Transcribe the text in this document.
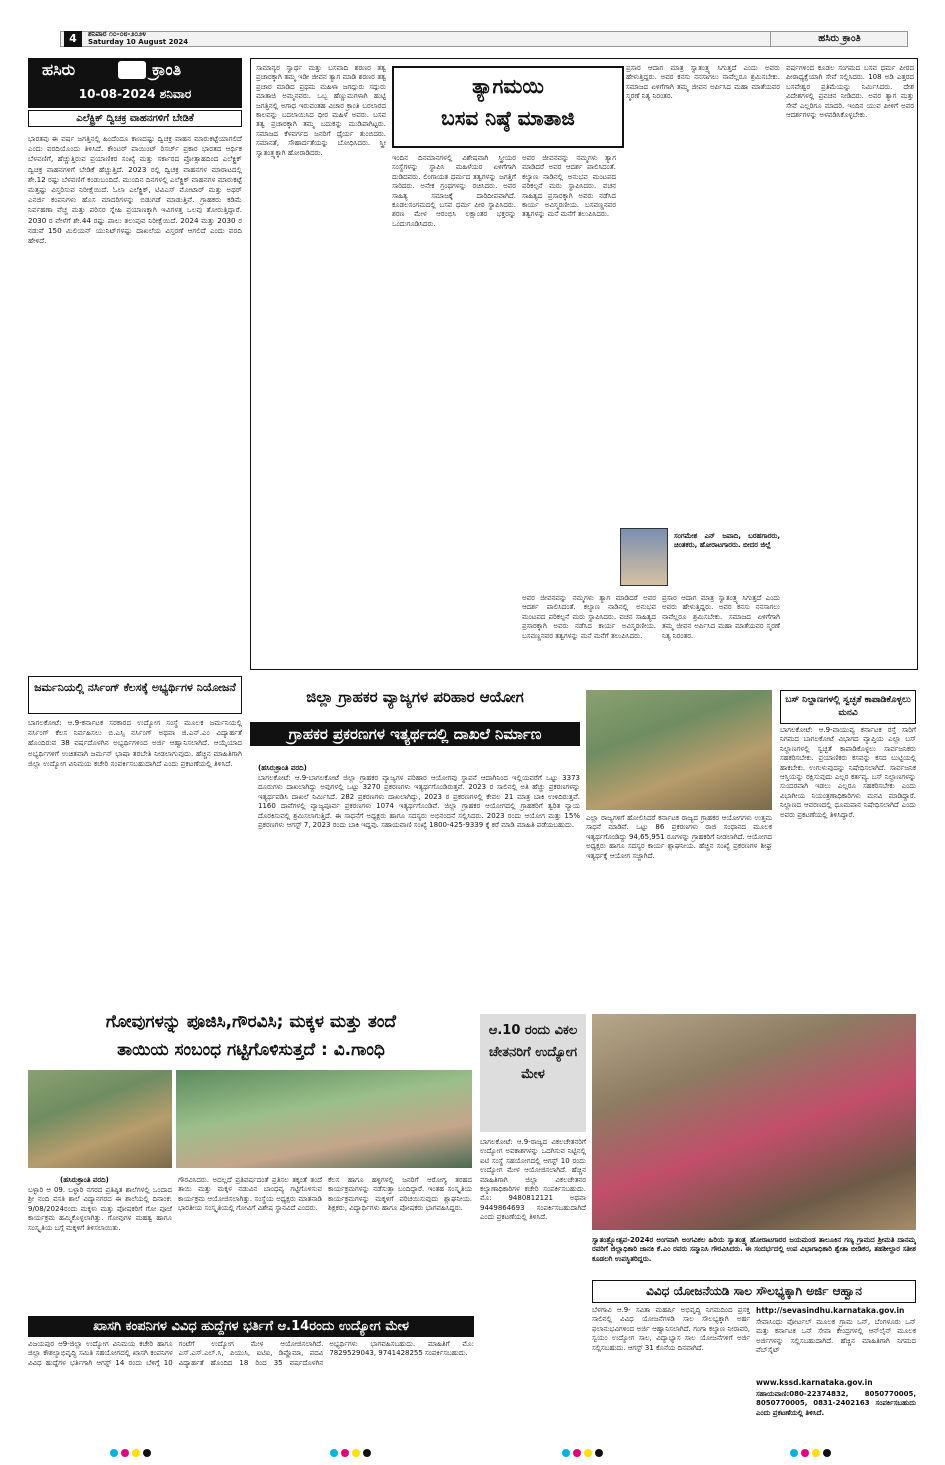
4	ಶನಿವಾರ ೧೦-೦೮-೨೦೨೪
Saturday 10 August 2024	ಹಸಿರು ಕ್ರಾಂತಿ
ಹಸಿರು	ಕ್ರಾಂತಿ
10-08-2024 ಶನಿವಾರ
ಎಲೆಕ್ಟ್ರಿಕ್ ದ್ವಿಚಕ್ರ ವಾಹನಗಳಿಗೆ ಬೇಡಿಕೆ
ಭಾರತವು ಈ ವರ್ಷ ಜಗತ್ತಿನಲ್ಲಿ ಹಿಂದೆಂದೂ ಕಾಣದಷ್ಟು ದ್ವಿಚಕ್ರ ವಾಹನ ಮಾರುಕಟ್ಟೆಯಾಗಲಿದೆ ಎಂದು ವರದಿಯೊಂದು ತಿಳಿಸಿದೆ. ಕೌಂಟರ್ ಪಾಯಿಂಟ್ ರಿಸರ್ಚ್ ಪ್ರಕಾರ ಭಾರತದ ಆರ್ಥಿಕ ಬೆಳವಣಿಗೆ, ಹೆಚ್ಚುತ್ತಿರುವ ಪ್ರಯಾಣಿಕರ ಸಂಖ್ಯೆ ಮತ್ತು ಸರ್ಕಾರದ ಪ್ರೋತ್ಸಾಹದಿಂದ ಎಲೆಕ್ಟ್ರಿಕ್ ದ್ವಿಚಕ್ರ ವಾಹನಗಳಿಗೆ ಬೇಡಿಕೆ ಹೆಚ್ಚುತ್ತಿದೆ. 2023 ರಲ್ಲಿ ದ್ವಿಚಕ್ರ ವಾಹನಗಳ ಮಾರಾಟದಲ್ಲಿ ಶೇ.12 ರಷ್ಟು ಬೆಳವಣಿಗೆ ಕಂಡುಬಂದಿದೆ. ಮುಂದಿನ ದಿನಗಳಲ್ಲಿ ಎಲೆಕ್ಟ್ರಿಕ್ ವಾಹನಗಳ ಮಾರುಕಟ್ಟೆ ಮತ್ತಷ್ಟು ವಿಸ್ತರಿಸುವ ನಿರೀಕ್ಷೆಯಿದೆ. ಓಲಾ ಎಲೆಕ್ಟ್ರಿಕ್, ಟಿವಿಎಸ್ ಮೋಟಾರ್ ಮತ್ತು ಅಥರ್ ಎನರ್ಜಿ ಕಂಪನಿಗಳು ಹೊಸ ಮಾದರಿಗಳನ್ನು ಬಿಡುಗಡೆ ಮಾಡುತ್ತಿವೆ. ಗ್ರಾಹಕರು ಕಡಿಮೆ ನಿರ್ವಹಣಾ ವೆಚ್ಚ ಮತ್ತು ಪರಿಸರ ಸ್ನೇಹಿ ಪ್ರಯಾಣಕ್ಕಾಗಿ ಇವಿಗಳತ್ತ ಒಲವು ತೋರುತ್ತಿದ್ದಾರೆ. 2030 ರ ವೇಳೆಗೆ ಶೇ.44 ರಷ್ಟು ಪಾಲು ತಲುಪುವ ನಿರೀಕ್ಷೆಯಿದೆ. 2024 ಮತ್ತು 2030 ರ ನಡುವೆ 150 ಮಿಲಿಯನ್ ಯುನಿಟ್‌ಗಳಷ್ಟು ದಾಖಲೆಯ ವಿಸ್ತರಣೆ ಆಗಲಿದೆ ಎಂದು ವರದಿ ಹೇಳಿದೆ.
ತ್ಯಾಗಮಯಿ
ಬಸವ ನಿಷ್ಠೆ ಮಾತಾಜಿ
ಸಾಮಾನ್ಯರ ಸ್ವಾರ್ಥ ಮತ್ತು ಬಸವಾದಿ ಶರಣರ ತತ್ವ ಪ್ರಚಾರಕ್ಕಾಗಿ ತಮ್ಮ ಇಡೀ ಜೀವನ ತ್ಯಾಗ ಮಾಡಿ ಶರಣರ ತತ್ವ ಪ್ರಚಾರ ಮಾಡಿದ ಪ್ರಥಮ ಮಹಿಳಾ ಜಗದ್ಗುರು ಸದ್ಗುರು ಮಾತಾಜಿ ಅಮ್ಮನವರು. ಒಬ್ಬ ಹೆಣ್ಣುಮಗಳಾಗಿ ಹುಟ್ಟಿ ಜಗತ್ತಿನಲ್ಲಿ ಅಗಾಧ ಇರುವಂತಹ ವಿಚಾರ ಕ್ರಾಂತಿ ಬರಲಾರದ ಕಾಲವನ್ನು ಬದಲಾಯಿಸಿದ ಧೀರ ಮಹಿಳೆ ಅವರು. ಬಸವ ತತ್ವ ಪ್ರಚಾರಕ್ಕಾಗಿ ತಮ್ಮ ಬದುಕನ್ನು ಮುಡಿಪಾಗಿಟ್ಟರು. ಸಮಾಜದ ಕೆಳವರ್ಗದ ಜನರಿಗೆ ಧೈರ್ಯ ತುಂಬಿದರು. ಸಮಾನತೆ, ಸೌಹಾರ್ದತೆಯನ್ನು ಬೋಧಿಸಿದರು. ಸ್ತ್ರೀ ಸ್ವಾತಂತ್ರ್ಯಕ್ಕಾಗಿ ಹೋರಾಡಿದರು.
ಇಂದಿನ ದಿನಮಾನಗಳಲ್ಲಿ ವಿಶೇಷವಾಗಿ ಸ್ತ್ರೀಯರ ಸಂಸ್ಥೆಗಳನ್ನು ಸ್ಥಾಪಿಸಿ ಮಹಿಳೆಯರ ಏಳಿಗೆಗಾಗಿ ದುಡಿದವರು. ಲಿಂಗಾಯತ ಧರ್ಮದ ತತ್ವಗಳನ್ನು ಜಗತ್ತಿಗೆ ಸಾರಿದರು. ಅನೇಕ ಗ್ರಂಥಗಳನ್ನು ರಚಿಸಿದರು. ಅವರ ಸಾಹಿತ್ಯ ಸಮಾಜಕ್ಕೆ ದಾರಿದೀಪವಾಗಿದೆ. ಕೂಡಲಸಂಗಮದಲ್ಲಿ ಬಸವ ಧರ್ಮ ಪೀಠ ಸ್ಥಾಪಿಸಿದರು. ಶರಣ ಮೇಳ ಆರಂಭಿಸಿ ಲಕ್ಷಾಂತರ ಭಕ್ತರನ್ನು ಒಂದುಗೂಡಿಸಿದರು.
ಅವರ ಜೀವನವನ್ನು ನಮ್ಮಗಳು ತ್ಯಾಗ ಮಾಡಿದರೆ ಅವರ ಆದರ್ಶ ಪಾಲಿಸಿದಂತೆ. ಕಲ್ಯಾಣ ನಾಡಿನಲ್ಲಿ ಅನುಭವ ಮಂಟಪದ ಪರಿಕಲ್ಪನೆ ಮರು ಸ್ಥಾಪಿಸಿದರು. ವಚನ ಸಾಹಿತ್ಯದ ಪ್ರಸಾರಕ್ಕಾಗಿ ಅವರು ನಡೆಸಿದ ಕಾರ್ಯ ಅವಿಸ್ಮರಣೀಯ. ಬಸವಣ್ಣನವರ ತತ್ವಗಳನ್ನು ಮನೆ ಮನೆಗೆ ತಲುಪಿಸಿದರು.
ಸಂಗಮೇಶ ಎನ್ ಜವಾದಿ, ಬರಹಗಾರರು, ಚಿಂತಕರು, ಹೋರಾಟಗಾರರು. ಬೀದರ ಜಿಲ್ಲೆ
ಅವರ ಜೀವನವನ್ನು ನಮ್ಮಗಳು ತ್ಯಾಗ ಮಾಡಿದರೆ ಅವರ ಆದರ್ಶ ಪಾಲಿಸಿದಂತೆ. ಕಲ್ಯಾಣ ನಾಡಿನಲ್ಲಿ ಅನುಭವ ಮಂಟಪದ ಪರಿಕಲ್ಪನೆ ಮರು ಸ್ಥಾಪಿಸಿದರು. ವಚನ ಸಾಹಿತ್ಯದ ಪ್ರಸಾರಕ್ಕಾಗಿ ಅವರು ನಡೆಸಿದ ಕಾರ್ಯ ಅವಿಸ್ಮರಣೀಯ. ಬಸವಣ್ಣನವರ ತತ್ವಗಳನ್ನು ಮನೆ ಮನೆಗೆ ತಲುಪಿಸಿದರು.
ಪ್ರಸಾರ ಆದಾಗ ಮಾತ್ರ ಸ್ವಾತಂತ್ರ್ಯ ಸಿಗುತ್ತದೆ ಎಂದು ಅವರು ಹೇಳುತ್ತಿದ್ದರು. ಅವರ ಕನಸು ನನಸಾಗಲು ನಾವೆಲ್ಲರೂ ಶ್ರಮಿಸಬೇಕು. ಸಮಾಜದ ಏಳಿಗೆಗಾಗಿ ತಮ್ಮ ಜೀವನ ಅರ್ಪಿಸಿದ ಮಹಾ ಮಾತೆಯವರ ಸ್ಮರಣೆ ನಿತ್ಯ ನಿರಂತರ.
ಪ್ರಸಾರ ಆದಾಗ ಮಾತ್ರ ಸ್ವಾತಂತ್ರ್ಯ ಸಿಗುತ್ತದೆ ಎಂದು ಅವರು ಹೇಳುತ್ತಿದ್ದರು. ಅವರ ಕನಸು ನನಸಾಗಲು ನಾವೆಲ್ಲರೂ ಶ್ರಮಿಸಬೇಕು. ಸಮಾಜದ ಏಳಿಗೆಗಾಗಿ ತಮ್ಮ ಜೀವನ ಅರ್ಪಿಸಿದ ಮಹಾ ಮಾತೆಯವರ ಸ್ಮರಣೆ ನಿತ್ಯ ನಿರಂತರ.
ವರ್ಷಗಳಿಂದ ಕೂಡಲ ಸಂಗಮದ ಬಸವ ಧರ್ಮ ಪೀಠದ ಪೀಠಾಧ್ಯಕ್ಷೆಯಾಗಿ ಸೇವೆ ಸಲ್ಲಿಸಿದರು. 108 ಅಡಿ ಎತ್ತರದ ಬಸವೇಶ್ವರ ಪ್ರತಿಮೆಯನ್ನು ನಿರ್ಮಿಸಿದರು. ದೇಶ ವಿದೇಶಗಳಲ್ಲಿ ಪ್ರವಚನ ನೀಡಿದರು. ಅವರ ತ್ಯಾಗ ಮತ್ತು ಸೇವೆ ಎಲ್ಲರಿಗೂ ಮಾದರಿ. ಇಂದಿನ ಯುವ ಪೀಳಿಗೆ ಅವರ ಆದರ್ಶಗಳನ್ನು ಅಳವಡಿಸಿಕೊಳ್ಳಬೇಕು.
ಜರ್ಮನಿಯಲ್ಲಿ ನರ್ಸಿಂಗ್ ಕೆಲಸಕ್ಕೆ ಅಭ್ಯರ್ಥಿಗಳ ನಿಯೋಜನೆ
ಬಾಗಲಕೋಟೆ: ಆ.9-ಕರ್ನಾಟಕ ಸರಕಾರದ ಉದ್ಯೋಗ ಸಂಸ್ಥೆ ಮೂಲಕ ಜರ್ಮನಿಯಲ್ಲಿ ನರ್ಸಿಂಗ್ ಕೆಲಸ ನಿರ್ವಹಿಸಲು ಬಿ.ಎಸ್ಸಿ ನರ್ಸಿಂಗ್ ಅಥವಾ ಜಿ.ಎನ್.ಎಂ ವಿದ್ಯಾರ್ಹತೆ ಹೊಂದಿರುವ 38 ವರ್ಷದೊಳಗಿನ ಅಭ್ಯರ್ಥಿಗಳಿಂದ ಅರ್ಜಿ ಆಹ್ವಾನಿಸಲಾಗಿದೆ. ಆಯ್ಕೆಯಾದ ಅಭ್ಯರ್ಥಿಗಳಿಗೆ ಉಚಿತವಾಗಿ ಜರ್ಮನ್ ಭಾಷಾ ತರಬೇತಿ ನೀಡಲಾಗುವುದು. ಹೆಚ್ಚಿನ ಮಾಹಿತಿಗಾಗಿ ಜಿಲ್ಲಾ ಉದ್ಯೋಗ ವಿನಿಮಯ ಕಚೇರಿ ಸಂಪರ್ಕಿಸಬಹುದಾಗಿದೆ ಎಂದು ಪ್ರಕಟಣೆಯಲ್ಲಿ ತಿಳಿಸಿದೆ.
ಜಿಲ್ಲಾ ಗ್ರಾಹಕರ ವ್ಯಾಜ್ಯಗಳ ಪರಿಹಾರ ಆಯೋಗ
ಗ್ರಾಹಕರ ಪ್ರಕರಣಗಳ ಇತ್ಯರ್ಥದಲ್ಲಿ ದಾಖಲೆ ನಿರ್ಮಾಣ
(ಹಸಿರುಕ್ರಾಂತಿ ವರದಿ)
ಬಾಗಲಕೋಟೆ: ಆ.9-ಬಾಗಲಕೋಟೆ ಜಿಲ್ಲಾ ಗ್ರಾಹಕರ ವ್ಯಾಜ್ಯಗಳ ಪರಿಹಾರ ಆಯೋಗವು ಸ್ಥಾಪನೆ ಆದಾಗಿನಿಂದ ಇಲ್ಲಿಯವರೆಗೆ ಒಟ್ಟು 3373 ದೂರುಗಳು ದಾಖಲಾಗಿದ್ದು ಅವುಗಳಲ್ಲಿ ಒಟ್ಟು 3270 ಪ್ರಕರಣಗಳು ಇತ್ಯರ್ಥಗೊಂಡಿರುತ್ತವೆ. 2023 ರ ಸಾಲಿನಲ್ಲಿ ಅತಿ ಹೆಚ್ಚು ಪ್ರಕರಣಗಳನ್ನು ಇತ್ಯರ್ಥಪಡಿಸಿ ದಾಖಲೆ ನಿರ್ಮಿಸಿದೆ. 282 ಪ್ರಕರಣಗಳು ದಾಖಲಾಗಿದ್ದು, 2023 ರ ಪ್ರಕರಣಗಳಲ್ಲಿ ಕೇವಲ 21 ಮಾತ್ರ ಬಾಕಿ ಉಳಿದಿರುತ್ತವೆ. 1160 ದಾವೆಗಳಲ್ಲಿ ವ್ಯಾಜ್ಯಪೂರ್ವ ಪ್ರಕರಣಗಳು 1074 ಇತ್ಯರ್ಥಗೊಂಡಿವೆ. ಜಿಲ್ಲಾ ಗ್ರಾಹಕರ ಆಯೋಗದಲ್ಲಿ ಗ್ರಾಹಕರಿಗೆ ತ್ವರಿತ ನ್ಯಾಯ ದೊರಕಿಸುವಲ್ಲಿ ಶ್ರಮಿಸಲಾಗುತ್ತಿದೆ. ಈ ಸಾಧನೆಗೆ ಅಧ್ಯಕ್ಷರು ಹಾಗೂ ಸದಸ್ಯರು ಅಭಿನಂದನೆ ಸಲ್ಲಿಸಿದರು. 2023 ರಂದು ಆಯೋಗ ಮತ್ತು 15% ಪ್ರಕರಣಗಳು ಆಗಸ್ಟ್ 7, 2023 ರಂದು ಬಾಕಿ ಇದ್ದವು. ಸಹಾಯವಾಣಿ ಸಂಖ್ಯೆ 1800-425-9339 ಕ್ಕೆ ಕರೆ ಮಾಡಿ ಮಾಹಿತಿ ಪಡೆಯಬಹುದು.
ಎಲ್ಲಾ ರಾಜ್ಯಗಳಿಗೆ ಹೋಲಿಸಿದರೆ ಕರ್ನಾಟಕ ರಾಜ್ಯದ ಗ್ರಾಹಕರ ಆಯೋಗಗಳು ಉತ್ತಮ ಸಾಧನೆ ಮಾಡಿವೆ. ಒಟ್ಟು 86 ಪ್ರಕರಣಗಳು ರಾಜಿ ಸಂಧಾನದ ಮೂಲಕ ಇತ್ಯರ್ಥಗೊಂಡಿದ್ದು 94,65,951 ರೂಗಳನ್ನು ಗ್ರಾಹಕರಿಗೆ ನೀಡಲಾಗಿದೆ. ಆಯೋಗದ ಅಧ್ಯಕ್ಷರು ಹಾಗೂ ಸದಸ್ಯರ ಕಾರ್ಯ ಶ್ಲಾಘನೀಯ. ಹೆಚ್ಚಿನ ಸಂಖ್ಯೆ ಪ್ರಕರಣಗಳ ಶೀಘ್ರ ಇತ್ಯರ್ಥಕ್ಕೆ ಆಯೋಗ ಸಜ್ಜಾಗಿದೆ.
ಬಸ್ ನಿಲ್ದಾಣಗಳಲ್ಲಿ ಸ್ವಚ್ಛತೆ ಕಾಪಾಡಿಕೊಳ್ಳಲು ಮನವಿ
ಬಾಗಲಕೋಟೆ: ಆ.9-ವಾಯುವ್ಯ ಕರ್ನಾಟಕ ರಸ್ತೆ ಸಾರಿಗೆ ನಿಗಮದ ಬಾಗಲಕೋಟೆ ವಿಭಾಗದ ವ್ಯಾಪ್ತಿಯ ಎಲ್ಲಾ ಬಸ್ ನಿಲ್ದಾಣಗಳಲ್ಲಿ ಸ್ವಚ್ಛತೆ ಕಾಪಾಡಿಕೊಳ್ಳಲು ಸಾರ್ವಜನಿಕರು ಸಹಕರಿಸಬೇಕು. ಪ್ರಯಾಣಿಕರು ಕಸವನ್ನು ಕಸದ ಬುಟ್ಟಿಯಲ್ಲಿ ಹಾಕಬೇಕು. ಉಗುಳುವುದನ್ನು ನಿಷೇಧಿಸಲಾಗಿದೆ. ಸಾರ್ವಜನಿಕ ಆಸ್ತಿಯನ್ನು ರಕ್ಷಿಸುವುದು ಎಲ್ಲರ ಕರ್ತವ್ಯ. ಬಸ್ ನಿಲ್ದಾಣಗಳನ್ನು ಸುಂದರವಾಗಿ ಇಡಲು ಎಲ್ಲರೂ ಸಹಕರಿಸಬೇಕು ಎಂದು ವಿಭಾಗೀಯ ನಿಯಂತ್ರಣಾಧಿಕಾರಿಗಳು ಮನವಿ ಮಾಡಿದ್ದಾರೆ. ನಿಲ್ದಾಣದ ಆವರಣದಲ್ಲಿ ಧೂಮಪಾನ ನಿಷೇಧಿಸಲಾಗಿದೆ ಎಂದು ಅವರು ಪ್ರಕಟಣೆಯಲ್ಲಿ ತಿಳಿಸಿದ್ದಾರೆ.
ಗೋವುಗಳನ್ನು ಪೂಜಿಸಿ,ಗೌರವಿಸಿ; ಮಕ್ಕಳ ಮತ್ತು ತಂದೆ
ತಾಯಿಯ ಸಂಬಂಧ ಗಟ್ಟಿಗೊಳಿಸುತ್ತದೆ : ವಿ.ಗಾಂಧಿ
(ಹಸಿರುಕ್ರಾಂತಿ ವರದಿ)
ಬಳ್ಳಾರಿ ಆ 09. ಬಳ್ಳಾರಿ ನಗರದ ಪ್ರತಿಷ್ಠಿತ ಶಾಲೆಗಳಲ್ಲಿ ಒಂದಾದ ಶ್ರೀ ನಂದಿ ವಸತಿ ಶಾಲೆ ವಿದ್ಯಾನಗರದ ಈ ಶಾಲೆಯಲ್ಲಿ ದಿನಾಂಕ: 9/08/2024ರಂದು ಮಕ್ಕಳು ಮತ್ತು ಪೋಷಕರಿಗೆ ಗೋ ಪೂಜೆ ಕಾರ್ಯಕ್ರಮ ಹಮ್ಮಿಕೊಳ್ಳಲಾಗಿತ್ತು. ಗೋವುಗಳ ಮಹತ್ವ ಹಾಗೂ ಸಂಸ್ಕೃತಿಯ ಬಗ್ಗೆ ಮಕ್ಕಳಿಗೆ ತಿಳಿಸಲಾಯಿತು.
ಗೌರವಿಸಿದರು. ಅದಲ್ಲದೆ ಪ್ರತಿವರ್ಷದಂತೆ ಪ್ರತಿಸಲ ತಕ್ಕಂತೆ ತಂದೆ ತಾಯಿ ಮತ್ತು ಮಕ್ಕಳ ನಡುವಿನ ಬಾಂಧವ್ಯ ಗಟ್ಟಿಗೊಳಿಸುವ ಕಾರ್ಯಕ್ರಮ ಆಯೋಜಿಸಲಾಗಿತ್ತು. ಸಂಸ್ಥೆಯ ಅಧ್ಯಕ್ಷರು ಮಾತನಾಡಿ ಭಾರತೀಯ ಸಂಸ್ಕೃತಿಯಲ್ಲಿ ಗೋವಿಗೆ ವಿಶೇಷ ಸ್ಥಾನವಿದೆ ಎಂದರು.
ಕೆಲಸ ಹಾಗೂ ಹಳ್ಳಿಗಳಲ್ಲಿ ಜನರಿಗೆ ಆರೋಗ್ಯ ತರಹದ ಕಾರ್ಯಕ್ರಮಗಳನ್ನು ನಡೆಸುತ್ತಾ ಬಂದಿದ್ದಾರೆ. ಇಂತಹ ಸಂಸ್ಕೃತಿಯ ಕಾರ್ಯಕ್ರಮಗಳನ್ನು ಮಕ್ಕಳಿಗೆ ಪರಿಚಯಿಸುವುದು ಶ್ಲಾಘನೀಯ. ಶಿಕ್ಷಕರು, ವಿದ್ಯಾರ್ಥಿಗಳು ಹಾಗೂ ಪೋಷಕರು ಭಾಗವಹಿಸಿದ್ದರು.
ಆ.10 ರಂದು ವಿಕಲ ಚೇತನರಿಗೆ ಉದ್ಯೋಗ ಮೇಳ
ಬಾಗಲಕೋಟೆ: ಆ.9-ರಾಜ್ಯದ ವಿಕಲಚೇತನರಿಗೆ ಉದ್ಯೋಗ ಅವಕಾಶಗಳನ್ನು ಒದಗಿಸುವ ನಿಟ್ಟಿನಲ್ಲಿ ಐಟಿ ಸಂಸ್ಥೆ ಸಹಯೋಗದಲ್ಲಿ ಆಗಸ್ಟ್ 10 ರಂದು ಉದ್ಯೋಗ ಮೇಳ ಆಯೋಜಿಸಲಾಗಿದೆ. ಹೆಚ್ಚಿನ ಮಾಹಿತಿಗಾಗಿ ಜಿಲ್ಲಾ ವಿಕಲಚೇತನರ ಕಲ್ಯಾಣಾಧಿಕಾರಿಗಳ ಕಚೇರಿ ಸಂಪರ್ಕಿಸಬಹುದು. ಮೊ: 9480812121 ಅಥವಾ 9449864693 ಸಂಪರ್ಕಿಸಬಹುದಾಗಿದೆ ಎಂದು ಪ್ರಕಟಣೆಯಲ್ಲಿ ತಿಳಿಸಿದೆ.
ಸ್ವಾತಂತ್ರ್ಯೋತ್ಸವ-2024ರ ಅಂಗವಾಗಿ ಅಂಗವಿಕಲ ಹಿರಿಯ ಸ್ವಾತಂತ್ರ್ಯ ಹೋರಾಟಗಾರರ ಜಯಮಂಡ ತಾಲೂಕಿನ ಗಣ್ಯ ಗ್ರಾಮದ ಶ್ರೀಮತಿ ದಾನಮ್ಮ ರವರಿಗೆ ಜಿಲ್ಲಾಧಿಕಾರಿ ಜಾನಕಿ ಕೆ.ಎಂ ರವರು ಸನ್ಮಾನಿಸಿ ಗೌರವಿಸಿದರು. ಈ ಸಂದರ್ಭದಲ್ಲಿ ಉಪ ವಿಭಾಗಾಧಿಕಾರಿ ಶ್ವೇತಾ ಬೀಡಿಕರ, ತಹಶೀಲ್ದಾರ ಸತೀಶ ಕೂಡಲಗಿ ಉಪಸ್ಥಿತರಿದ್ದರು.
ವಿವಿಧ ಯೋಜನೆಯಡಿ ಸಾಲ ಸೌಲಭ್ಯಕ್ಕಾಗಿ ಅರ್ಜಿ ಆಹ್ವಾನ
ಬೆಳಗಾವಿ ಆ.9- ಸವಿತಾ ಮಹರ್ಷಿ ಅಭಿವೃದ್ಧಿ ನಿಗಮದಿಂದ ಪ್ರಸಕ್ತ ಸಾಲಿನಲ್ಲಿ ವಿವಿಧ ಯೋಜನೆಗಳಡಿ ಸಾಲ ಸೌಲಭ್ಯಕ್ಕಾಗಿ ಅರ್ಹ ಫಲಾನುಭವಿಗಳಿಂದ ಅರ್ಜಿ ಆಹ್ವಾನಿಸಲಾಗಿದೆ. ಗಂಗಾ ಕಲ್ಯಾಣ ನೀರಾವರಿ, ಸ್ವಯಂ ಉದ್ಯೋಗ ಸಾಲ, ವಿದ್ಯಾಭ್ಯಾಸ ಸಾಲ ಯೋಜನೆಗಳಿಗೆ ಅರ್ಜಿ ಸಲ್ಲಿಸಬಹುದು. ಆಗಸ್ಟ್ 31 ಕೊನೆಯ ದಿನವಾಗಿದೆ.
http://sevasindhu.karnataka.gov.in
ಸೇವಾಸಿಂಧು ಪೋರ್ಟಲ್ ಮೂಲಕ ಗ್ರಾಮ ಒನ್, ಬೆಂಗಳೂರು ಒನ್ ಮತ್ತು ಕರ್ನಾಟಕ ಒನ್ ಸೇವಾ ಕೇಂದ್ರಗಳಲ್ಲಿ ಆನ್‌ಲೈನ್ ಮೂಲಕ ಅರ್ಜಿಗಳನ್ನು ಸಲ್ಲಿಸಬಹುದಾಗಿದೆ. ಹೆಚ್ಚಿನ ಮಾಹಿತಿಗಾಗಿ ನಿಗಮದ ವೆಬ್‌ಸೈಟ್
www.kssd.karnataka.gov.in
ಸಹಾಯವಾಣಿ:080-22374832, 8050770005, 8050770005, 0831-2402163 ಸಂಪರ್ಕಿಸಬಹುದು ಎಂದು ಪ್ರಕಟಣೆಯಲ್ಲಿ ತಿಳಿಸಿದೆ.
ಖಾಸಗಿ ಕಂಪನಿಗಳ ವಿವಿಧ ಹುದ್ದೆಗಳ ಭರ್ತಿಗೆ ಆ.14ರಂದು ಉದ್ಯೋಗ ಮೇಳ
ವಿಜಯಪುರ ಆ9-ಜಿಲ್ಲಾ ಉದ್ಯೋಗ ವಿನಿಮಯ ಕಚೇರಿ ಹಾಗೂ ಜಿಲ್ಲಾ ಕೌಶಲ್ಯಾಭಿವೃದ್ಧಿ ಸಮಿತಿ ಸಹಯೋಗದಲ್ಲಿ ಖಾಸಗಿ ಕಂಪನಿಗಳ ವಿವಿಧ ಹುದ್ದೆಗಳ ಭರ್ತಿಗಾಗಿ ಆಗಸ್ಟ್ 14 ರಂದು ಬೆಳಿಗ್ಗೆ 10 ಗಂಟೆಗೆ ಉದ್ಯೋಗ ಮೇಳ ಆಯೋಜಿಸಲಾಗಿದೆ. ಎಸ್.ಎಸ್.ಎಲ್.ಸಿ, ಪಿಯುಸಿ, ಐಟಿಐ, ಡಿಪ್ಲೊಮಾ, ಪದವಿ ವಿದ್ಯಾರ್ಹತೆ ಹೊಂದಿದ 18 ರಿಂದ 35 ವರ್ಷದೊಳಗಿನ ಅಭ್ಯರ್ಥಿಗಳು ಭಾಗವಹಿಸಬಹುದು. ಮಾಹಿತಿಗೆ ಮೊ: 7829529043, 9741428255 ಸಂಪರ್ಕಿಸಬಹುದು.
